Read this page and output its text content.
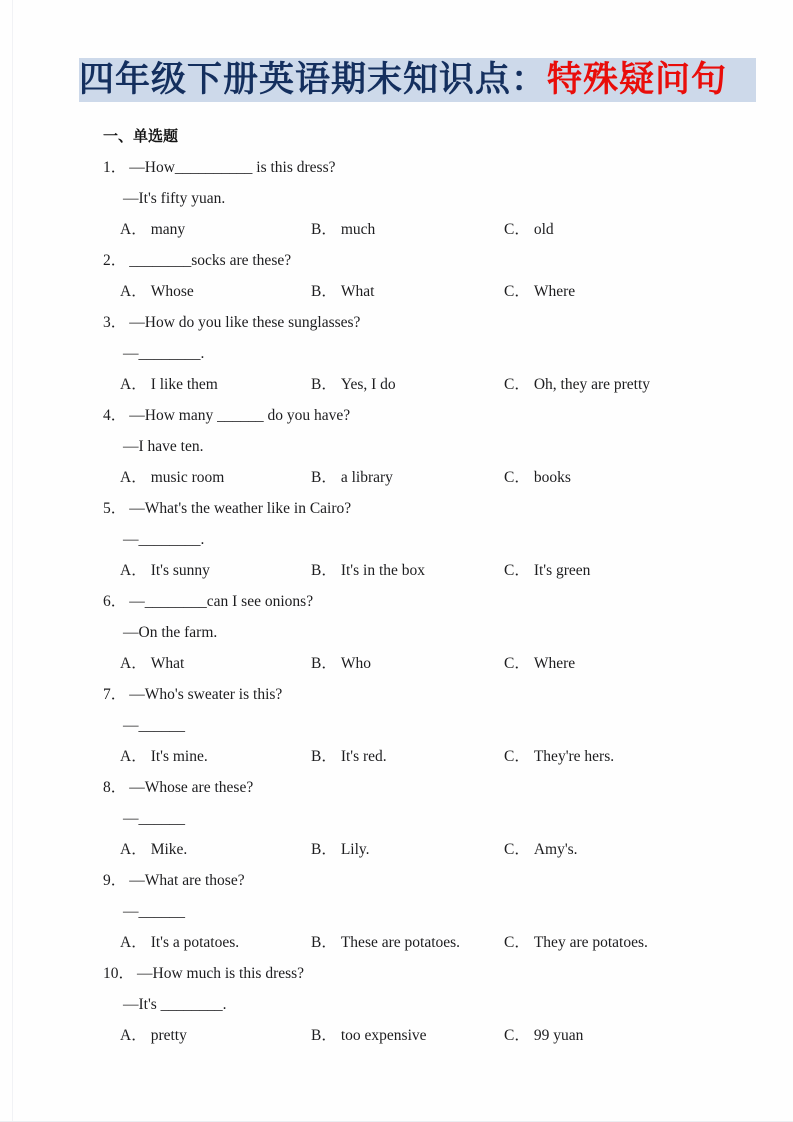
四年级下册英语期末知识点：特殊疑问句
一、单选题
1． —How__________ is this dress?
—It's fifty yuan.
A． many	B． much	C． old
2． ________socks are these?
A． Whose	B． What	C． Where
3． —How do you like these sunglasses?
—________.
A． I like them	B． Yes, I do	C． Oh, they are pretty
4． —How many ______ do you have?
—I have ten.
A． music room	B． a library	C． books
5． —What's the weather like in Cairo?
—________.
A． It's sunny	B． It's in the box	C． It's green
6． —________can I see onions?
—On the farm.
A． What	B． Who	C． Where
7． —Who's sweater is this?
—______
A． It's mine.	B． It's red.	C． They're hers.
8． —Whose are these?
—______
A． Mike.	B． Lily.	C． Amy's.
9． —What are those?
—______
A． It's a potatoes.	B． These are potatoes.	C． They are potatoes.
10． —How much is this dress?
—It's ________.
A． pretty	B． too expensive	C． 99 yuan
